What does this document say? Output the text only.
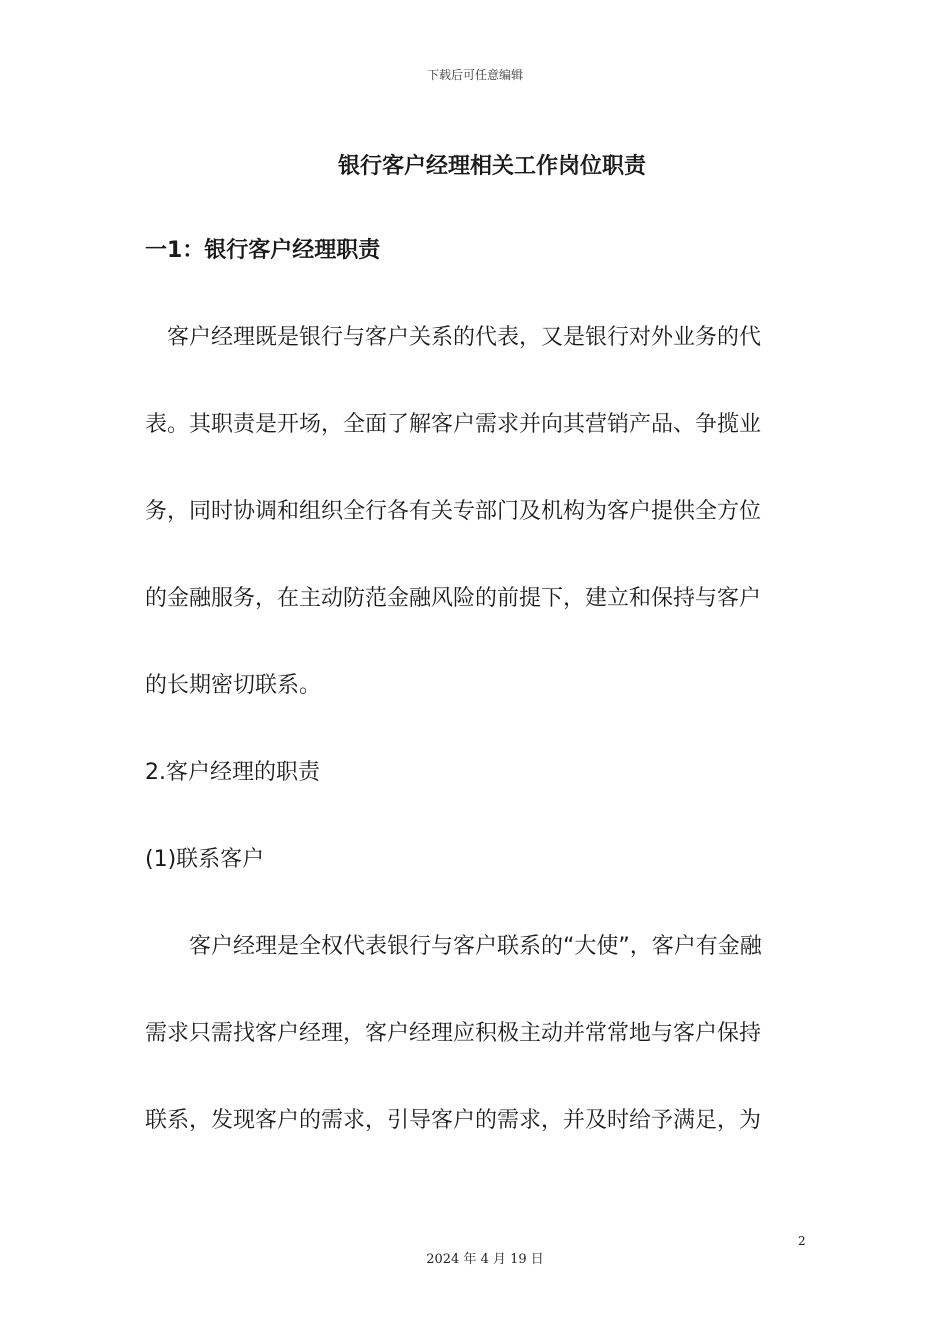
下载后可任意编辑
银行客户经理相关工作岗位职责
一1：银行客户经理职责
　客户经理既是银行与客户关系的代表，又是银行对外业务的代
表。其职责是开场，全面了解客户需求并向其营销产品、争揽业
务，同时协调和组织全行各有关专部门及机构为客户提供全方位
的金融服务，在主动防范金融风险的前提下，建立和保持与客户
的长期密切联系。
2.客户经理的职责
(1)联系客户
　　客户经理是全权代表银行与客户联系的“大使”，客户有金融
需求只需找客户经理，客户经理应积极主动并常常地与客户保持
联系，发现客户的需求，引导客户的需求，并及时给予满足，为
2
2024 年 4 月 19 日
